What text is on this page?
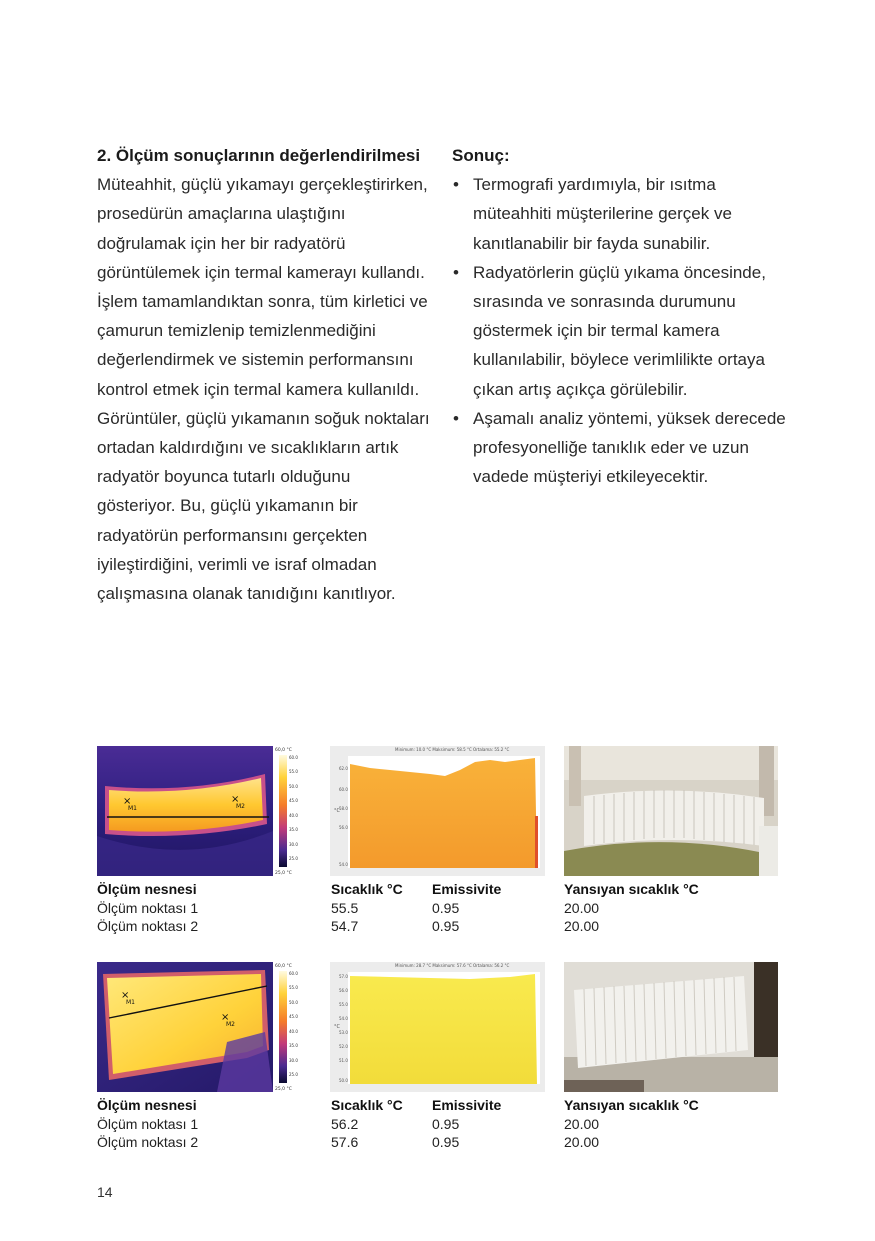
2. Ölçüm sonuçlarının değerlendirilmesi

Müteahhit, güçlü yıkamayı gerçekleştirirken, prosedürün amaçlarına ulaştığını doğrulamak için her bir radyatörü görüntülemek için termal kamerayı kullandı. İşlem tamamlandıktan sonra, tüm kirletici ve çamurun temizlenip temizlenmediğini değerlendirmek ve sistemin performansını kontrol etmek için termal kamera kullanıldı. Görüntüler, güçlü yıkamanın soğuk noktaları ortadan kaldırdığını ve sıcaklıkların artık radyatör boyunca tutarlı olduğunu gösteriyor. Bu, güçlü yıkamanın bir radyatörün performansını gerçekten iyileştirdiğini, verimli ve israf olmadan çalışmasına olanak tanıdığını kanıtlıyor.

Sonuç:
• Termografi yardımıyla, bir ısıtma müteahhiti müşterilerine gerçek ve kanıtlanabilir bir fayda sunabilir.
• Radyatörlerin güçlü yıkama öncesinde, sırasında ve sonrasında durumunu göstermek için bir termal kamera kullanılabilir, böylece verimlilikte ortaya çıkan artış açıkça görülebilir.
• Aşamalı analiz yöntemi, yüksek derecede profesyonelliğe tanıklık eder ve uzun vadede müşteriyi etkileyecektir.
×
M1
×
M2
60,0 °C
25,0 °C
60.0
55.0
50.0
45.0
40.0
35.0
30.0
25.0
Minimum: 10.0 °C Maksimum: 58.5 °C Ortalama: 55.2 °C
°C
62.0
60.0
58.0
56.0
54.0
Ölçüm nesnesi
Ölçüm noktası 1
Ölçüm noktası 2
Sıcaklık °C
55.5
54.7
Emissivite
0.95
0.95
Yansıyan sıcaklık °C
20.00
20.00
×
M1
×
M2
60,0 °C
25,0 °C
60.0
55.0
50.0
45.0
40.0
35.0
30.0
25.0
Minimum: 28.7 °C Maksimum: 57.6 °C Ortalama: 56.2 °C
°C
57.0
56.0
55.0
54.0
53.0
52.0
51.0
50.0
Ölçüm nesnesi
Ölçüm noktası 1
Ölçüm noktası 2
Sıcaklık °C
56.2
57.6
Emissivite
0.95
0.95
Yansıyan sıcaklık °C
20.00
20.00
14
